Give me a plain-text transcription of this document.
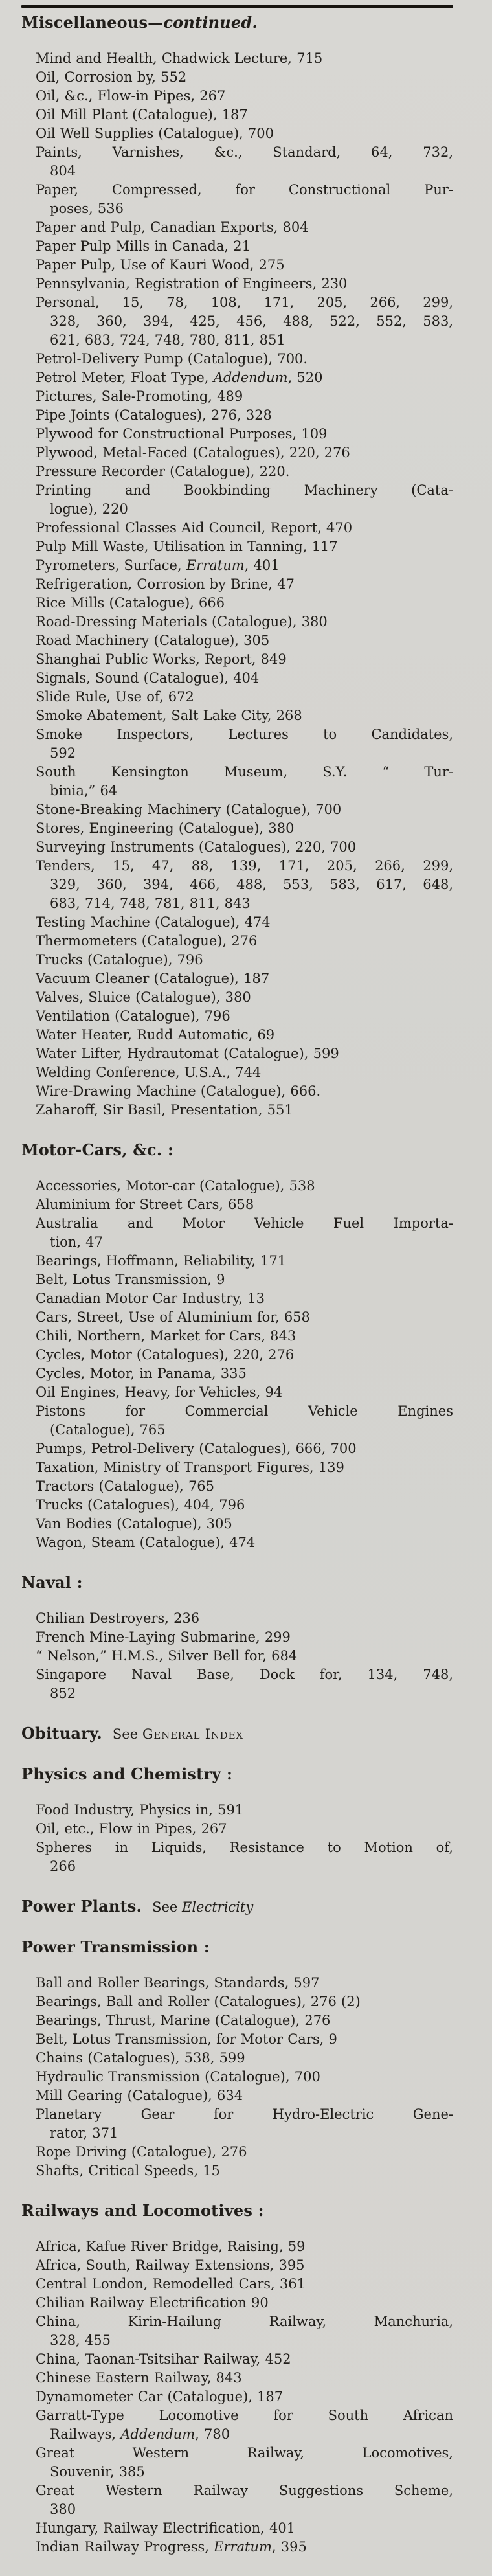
Miscellaneous—continued.
Mind and Health, Chadwick Lecture, 715
Oil, Corrosion by, 552
Oil, &c., Flow-in Pipes, 267
Oil Mill Plant (Catalogue), 187
Oil Well Supplies (Catalogue), 700
Paints, Varnishes, &c., Standard, 64, 732,
804
Paper, Compressed, for Constructional Pur-
poses, 536
Paper and Pulp, Canadian Exports, 804
Paper Pulp Mills in Canada, 21
Paper Pulp, Use of Kauri Wood, 275
Pennsylvania, Registration of Engineers, 230
Personal, 15, 78, 108, 171, 205, 266, 299,
328, 360, 394, 425, 456, 488, 522, 552, 583,
621, 683, 724, 748, 780, 811, 851
Petrol-Delivery Pump (Catalogue), 700.
Petrol Meter, Float Type, Addendum, 520
Pictures, Sale-Promoting, 489
Pipe Joints (Catalogues), 276, 328
Plywood for Constructional Purposes, 109
Plywood, Metal-Faced (Catalogues), 220, 276
Pressure Recorder (Catalogue), 220.
Printing and Bookbinding Machinery (Cata-
logue), 220
Professional Classes Aid Council, Report, 470
Pulp Mill Waste, Utilisation in Tanning, 117
Pyrometers, Surface, Erratum, 401
Refrigeration, Corrosion by Brine, 47
Rice Mills (Catalogue), 666
Road-Dressing Materials (Catalogue), 380
Road Machinery (Catalogue), 305
Shanghai Public Works, Report, 849
Signals, Sound (Catalogue), 404
Slide Rule, Use of, 672
Smoke Abatement, Salt Lake City, 268
Smoke Inspectors, Lectures to Candidates,
592
South Kensington Museum, S.Y. “ Tur-
binia,” 64
Stone-Breaking Machinery (Catalogue), 700
Stores, Engineering (Catalogue), 380
Surveying Instruments (Catalogues), 220, 700
Tenders, 15, 47, 88, 139, 171, 205, 266, 299,
329, 360, 394, 466, 488, 553, 583, 617, 648,
683, 714, 748, 781, 811, 843
Testing Machine (Catalogue), 474
Thermometers (Catalogue), 276
Trucks (Catalogue), 796
Vacuum Cleaner (Catalogue), 187
Valves, Sluice (Catalogue), 380
Ventilation (Catalogue), 796
Water Heater, Rudd Automatic, 69
Water Lifter, Hydrautomat (Catalogue), 599
Welding Conference, U.S.A., 744
Wire-Drawing Machine (Catalogue), 666.
Zaharoff, Sir Basil, Presentation, 551
Motor-Cars, &c. :
Accessories, Motor-car (Catalogue), 538
Aluminium for Street Cars, 658
Australia and Motor Vehicle Fuel Importa-
tion, 47
Bearings, Hoffmann, Reliability, 171
Belt, Lotus Transmission, 9
Canadian Motor Car Industry, 13
Cars, Street, Use of Aluminium for, 658
Chili, Northern, Market for Cars, 843
Cycles, Motor (Catalogues), 220, 276
Cycles, Motor, in Panama, 335
Oil Engines, Heavy, for Vehicles, 94
Pistons for Commercial Vehicle Engines
(Catalogue), 765
Pumps, Petrol-Delivery (Catalogues), 666, 700
Taxation, Ministry of Transport Figures, 139
Tractors (Catalogue), 765
Trucks (Catalogues), 404, 796
Van Bodies (Catalogue), 305
Wagon, Steam (Catalogue), 474
Naval :
Chilian Destroyers, 236
French Mine-Laying Submarine, 299
“ Nelson,” H.M.S., Silver Bell for, 684
Singapore Naval Base, Dock for, 134, 748,
852
Obituary. See General Index
Physics and Chemistry :
Food Industry, Physics in, 591
Oil, etc., Flow in Pipes, 267
Spheres in Liquids, Resistance to Motion of,
266
Power Plants. See Electricity
Power Transmission :
Ball and Roller Bearings, Standards, 597
Bearings, Ball and Roller (Catalogues), 276 (2)
Bearings, Thrust, Marine (Catalogue), 276
Belt, Lotus Transmission, for Motor Cars, 9
Chains (Catalogues), 538, 599
Hydraulic Transmission (Catalogue), 700
Mill Gearing (Catalogue), 634
Planetary Gear for Hydro-Electric Gene-
rator, 371
Rope Driving (Catalogue), 276
Shafts, Critical Speeds, 15
Railways and Locomotives :
Africa, Kafue River Bridge, Raising, 59
Africa, South, Railway Extensions, 395
Central London, Remodelled Cars, 361
Chilian Railway Electrification 90
China, Kirin-Hailung Railway, Manchuria,
328, 455
China, Taonan-Tsitsihar Railway, 452
Chinese Eastern Railway, 843
Dynamometer Car (Catalogue), 187
Garratt-Type Locomotive for South African
Railways, Addendum, 780
Great Western Railway, Locomotives,
Souvenir, 385
Great Western Railway Suggestions Scheme,
380
Hungary, Railway Electrification, 401
Indian Railway Progress, Erratum, 395
